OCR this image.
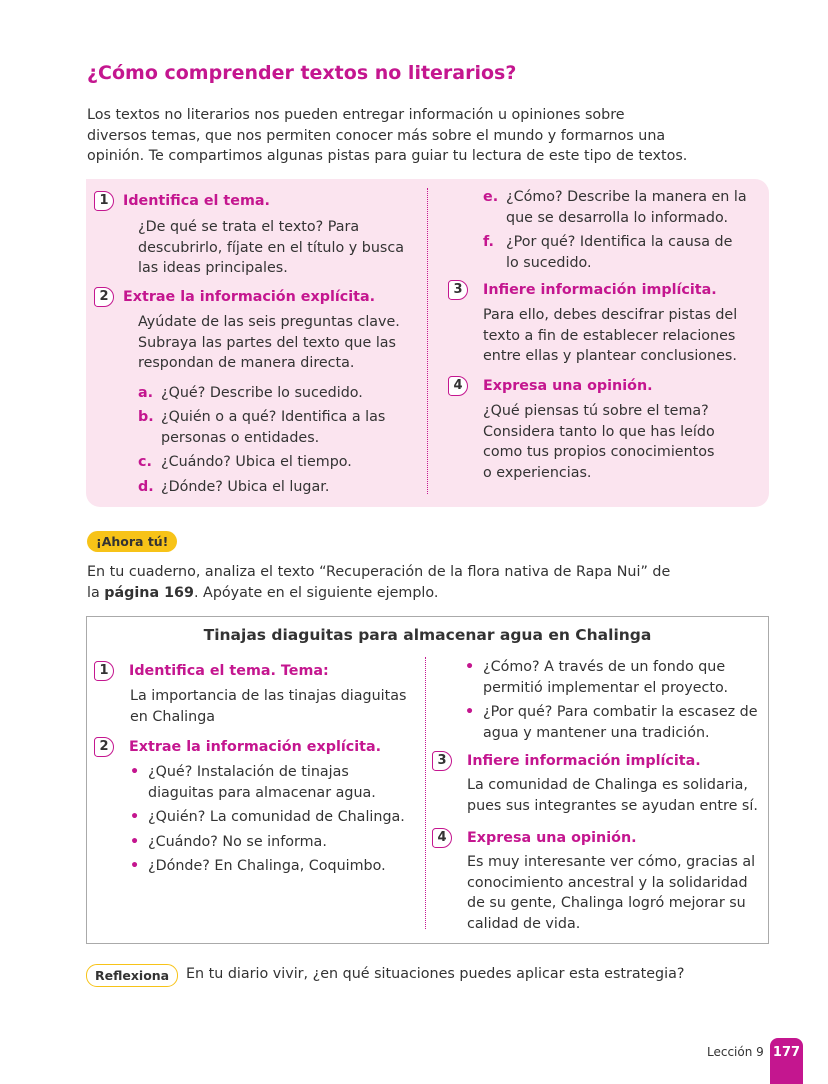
¿Cómo comprender textos no literarios?
Los textos no literarios nos pueden entregar información u opiniones sobre
diversos temas, que nos permiten conocer más sobre el mundo y formarnos una
opinión. Te compartimos algunas pistas para guiar tu lectura de este tipo de textos.
1	Identifica el tema.
¿De qué se trata el texto? Para
descubrirlo, fíjate en el título y busca
las ideas principales.
2	Extrae la información explícita.
Ayúdate de las seis preguntas clave.
Subraya las partes del texto que las
respondan de manera directa.
a. ¿Qué? Describe lo sucedido.
b. ¿Quién o a qué? Identifica a las
personas o entidades.
c. ¿Cuándo? Ubica el tiempo.
d. ¿Dónde? Ubica el lugar.
e. ¿Cómo? Describe la manera en la
que se desarrolla lo informado.
f. ¿Por qué? Identifica la causa de
lo sucedido.
3	Infiere información implícita.
Para ello, debes descifrar pistas del
texto a fin de establecer relaciones
entre ellas y plantear conclusiones.
4	Expresa una opinión.
¿Qué piensas tú sobre el tema?
Considera tanto lo que has leído
como tus propios conocimientos
o experiencias.
¡Ahora tú!
En tu cuaderno, analiza el texto “Recuperación de la flora nativa de Rapa Nui” de
la página 169. Apóyate en el siguiente ejemplo.
Tinajas diaguitas para almacenar agua en Chalinga
1	Identifica el tema. Tema:
La importancia de las tinajas diaguitas
en Chalinga
2	Extrae la información explícita.
• ¿Qué? Instalación de tinajas
diaguitas para almacenar agua.
• ¿Quién? La comunidad de Chalinga.
• ¿Cuándo? No se informa.
• ¿Dónde? En Chalinga, Coquimbo.
• ¿Cómo? A través de un fondo que
permitió implementar el proyecto.
• ¿Por qué? Para combatir la escasez de
agua y mantener una tradición.
3	Infiere información implícita.
La comunidad de Chalinga es solidaria,
pues sus integrantes se ayudan entre sí.
4	Expresa una opinión.
Es muy interesante ver cómo, gracias al
conocimiento ancestral y la solidaridad
de su gente, Chalinga logró mejorar su
calidad de vida.
Reflexiona	En tu diario vivir, ¿en qué situaciones puedes aplicar esta estrategia?
Lección 9 177
